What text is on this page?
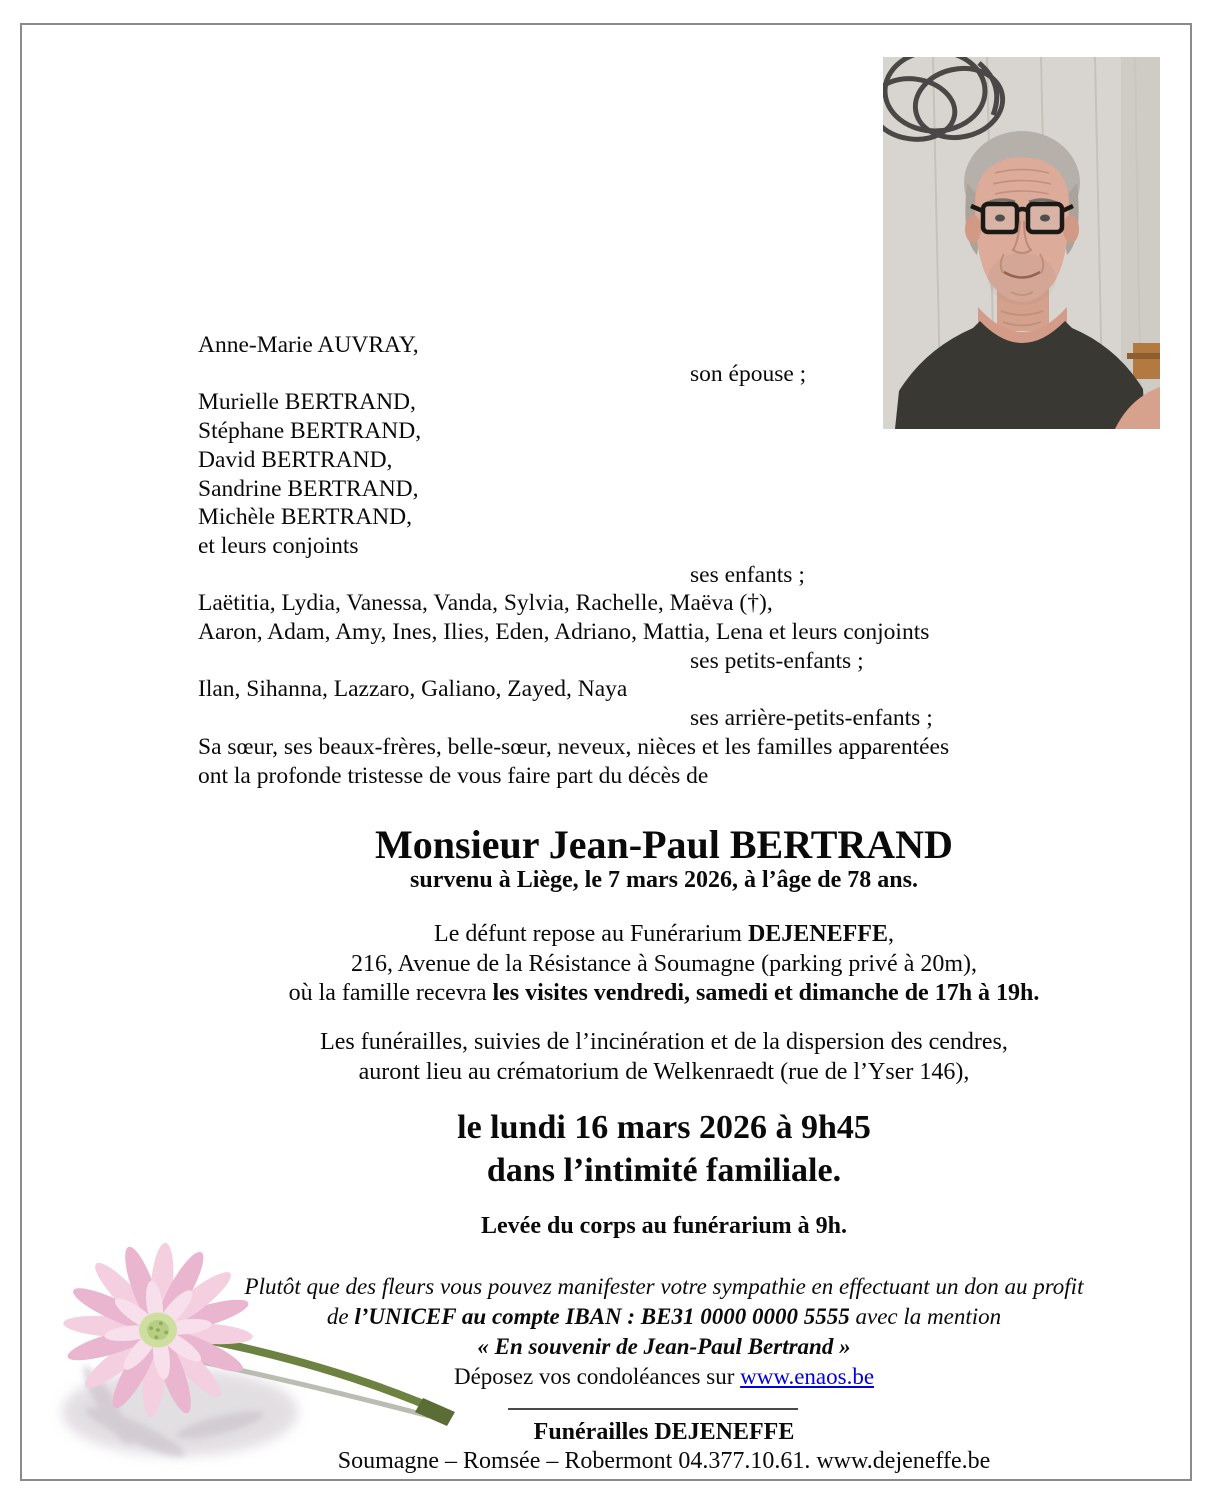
Anne-Marie AUVRAY,
son épouse ;
Murielle BERTRAND,
Stéphane BERTRAND,
David BERTRAND,
Sandrine BERTRAND,
Michèle BERTRAND,
et leurs conjoints
ses enfants ;
Laëtitia, Lydia, Vanessa, Vanda, Sylvia, Rachelle, Maëva (†),
Aaron, Adam, Amy, Ines, Ilies, Eden, Adriano, Mattia, Lena et leurs conjoints
ses petits-enfants ;
Ilan, Sihanna, Lazzaro, Galiano, Zayed, Naya
ses arrière-petits-enfants ;
Sa sœur, ses beaux-frères, belle-sœur, neveux, nièces et les familles apparentées
ont la profonde tristesse de vous faire part du décès de
Monsieur Jean-Paul BERTRAND
survenu à Liège, le 7 mars 2026, à l’âge de 78 ans.
Le défunt repose au Funérarium DEJENEFFE,
216, Avenue de la Résistance à Soumagne (parking privé à 20m),
où la famille recevra les visites vendredi, samedi et dimanche de 17h à 19h.
Les funérailles, suivies de l’incinération et de la dispersion des cendres,
auront lieu au crématorium de Welkenraedt (rue de l’Yser 146),
le lundi 16 mars 2026 à 9h45
dans l’intimité familiale.
Levée du corps au funérarium à 9h.
Plutôt que des fleurs vous pouvez manifester votre sympathie en effectuant un don au profit
de l’UNICEF au compte IBAN : BE31 0000 0000 5555 avec la mention
« En souvenir de Jean-Paul Bertrand »
Déposez vos condoléances sur www.enaos.be
Funérailles DEJENEFFE
Soumagne – Romsée – Robermont 04.377.10.61. www.dejeneffe.be
